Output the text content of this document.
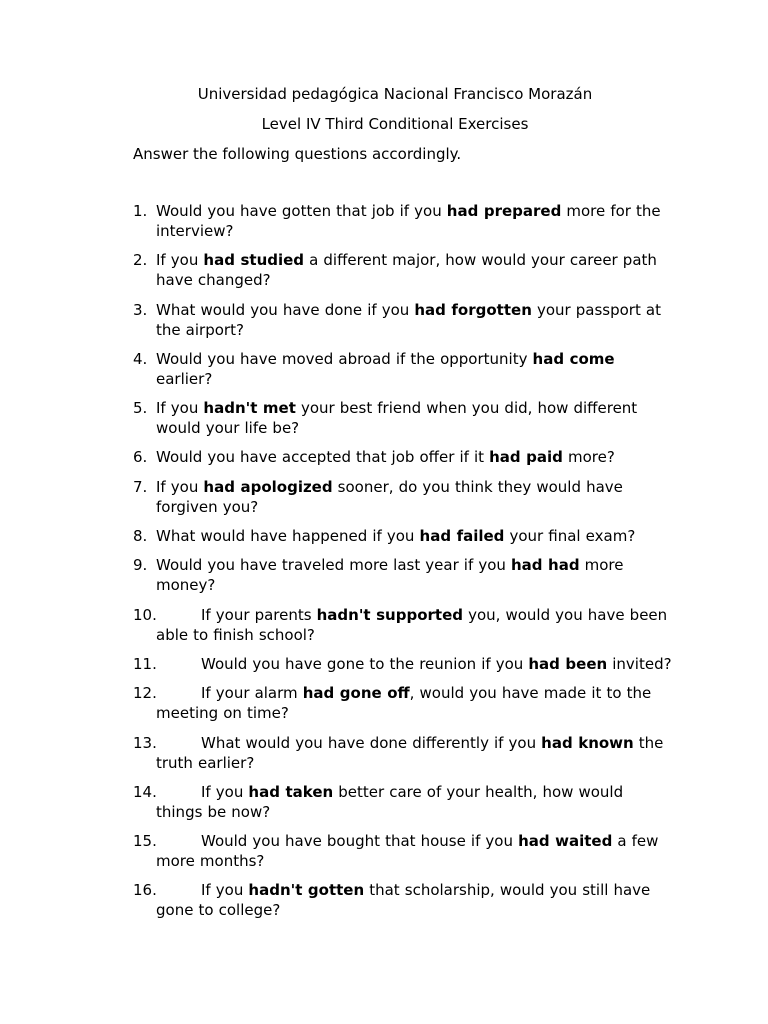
Universidad pedagógica Nacional Francisco Morazán
Level IV Third Conditional Exercises
Answer the following questions accordingly.
1. Would you have gotten that job if you had prepared more for the interview?
2. If you had studied a different major, how would your career path have changed?
3. What would you have done if you had forgotten your passport at the airport?
4. Would you have moved abroad if the opportunity had come earlier?
5. If you hadn't met your best friend when you did, how different would your life be?
6. Would you have accepted that job offer if it had paid more?
7. If you had apologized sooner, do you think they would have forgiven you?
8. What would have happened if you had failed your final exam?
9. Would you have traveled more last year if you had had more money?
10.	If your parents hadn't supported you, would you have been able to finish school?
11.	Would you have gone to the reunion if you had been invited?
12.	If your alarm had gone off, would you have made it to the meeting on time?
13.	What would you have done differently if you had known the truth earlier?
14.	If you had taken better care of your health, how would things be now?
15.	Would you have bought that house if you had waited a few more months?
16.	If you hadn't gotten that scholarship, would you still have gone to college?
